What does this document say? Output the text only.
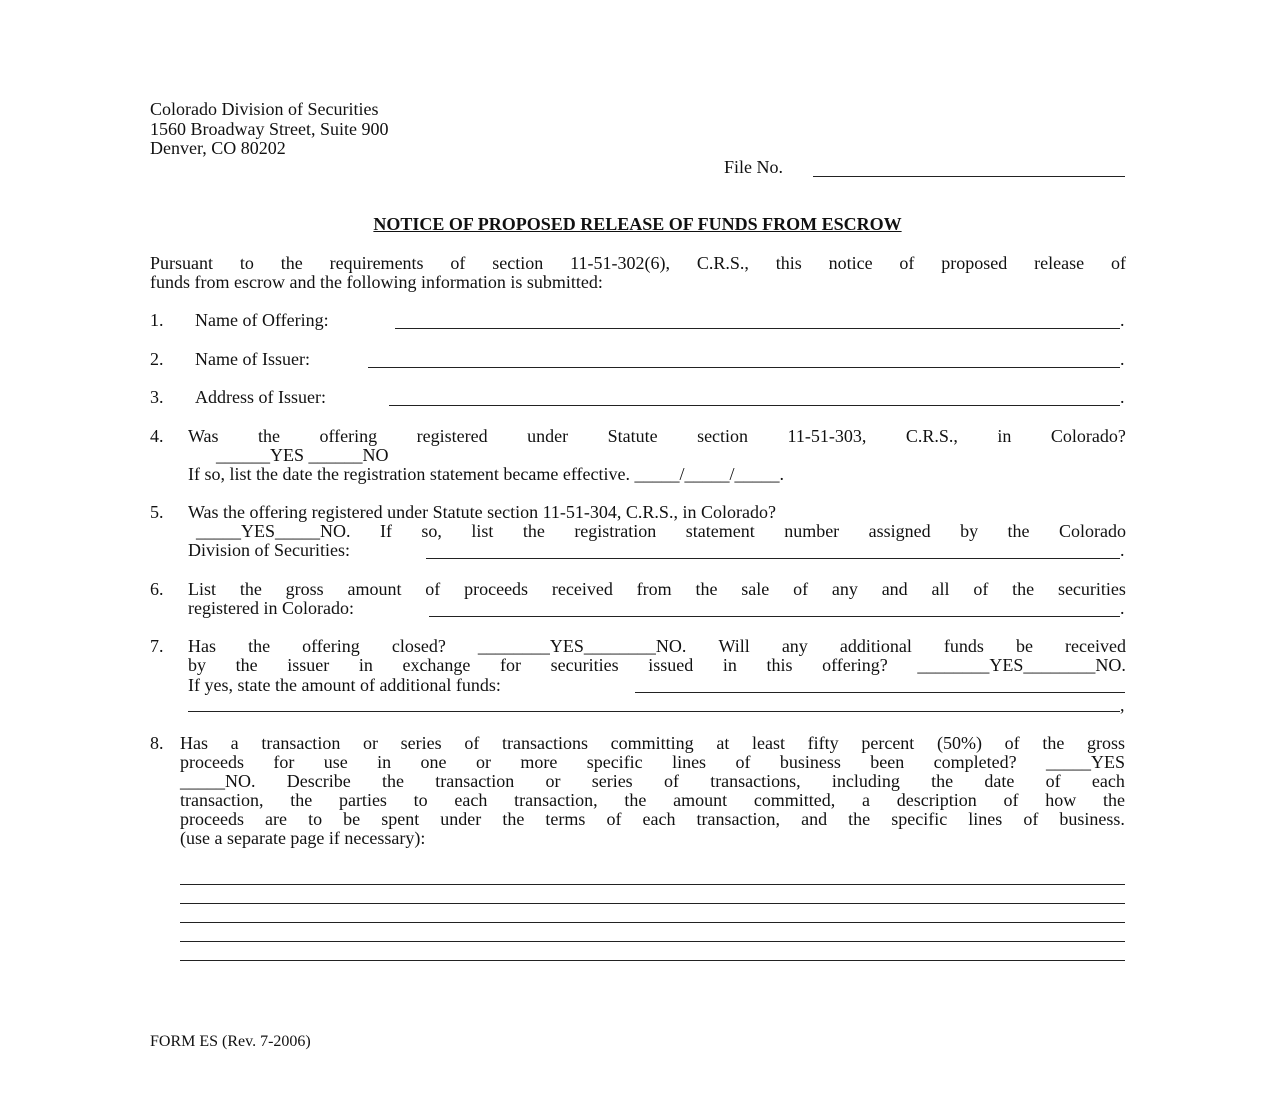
Colorado Division of Securities
1560 Broadway Street, Suite 900
Denver, CO 80202
File No.
NOTICE OF PROPOSED RELEASE OF FUNDS FROM ESCROW
Pursuant to the requirements of section 11-51-302(6), C.R.S., this notice of proposed release of
funds from escrow and the following information is submitted:
1. Name of Offering:	.
2. Name of Issuer:	.
3. Address of Issuer:	.
4. Was the offering registered under Statute section 11-51-303, C.R.S., in Colorado?
______YES ______NO
If so, list the date the registration statement became effective. _____/_____/_____.
5. Was the offering registered under Statute section 11-51-304, C.R.S., in Colorado?
_____YES_____NO. If so, list the registration statement number assigned by the Colorado
Division of Securities:	.
6. List the gross amount of proceeds received from the sale of any and all of the securities
registered in Colorado:	.
7. Has the offering closed? ________YES________NO. Will any additional funds be received
by the issuer in exchange for securities issued in this offering? ________YES________NO.
If yes, state the amount of additional funds:
,
8. Has a transaction or series of transactions committing at least fifty percent (50%) of the gross
proceeds for use in one or more specific lines of business been completed? _____YES
_____NO. Describe the transaction or series of transactions, including the date of each
transaction, the parties to each transaction, the amount committed, a description of how the
proceeds are to be spent under the terms of each transaction, and the specific lines of business.
(use a separate page if necessary):
FORM ES (Rev. 7-2006)
